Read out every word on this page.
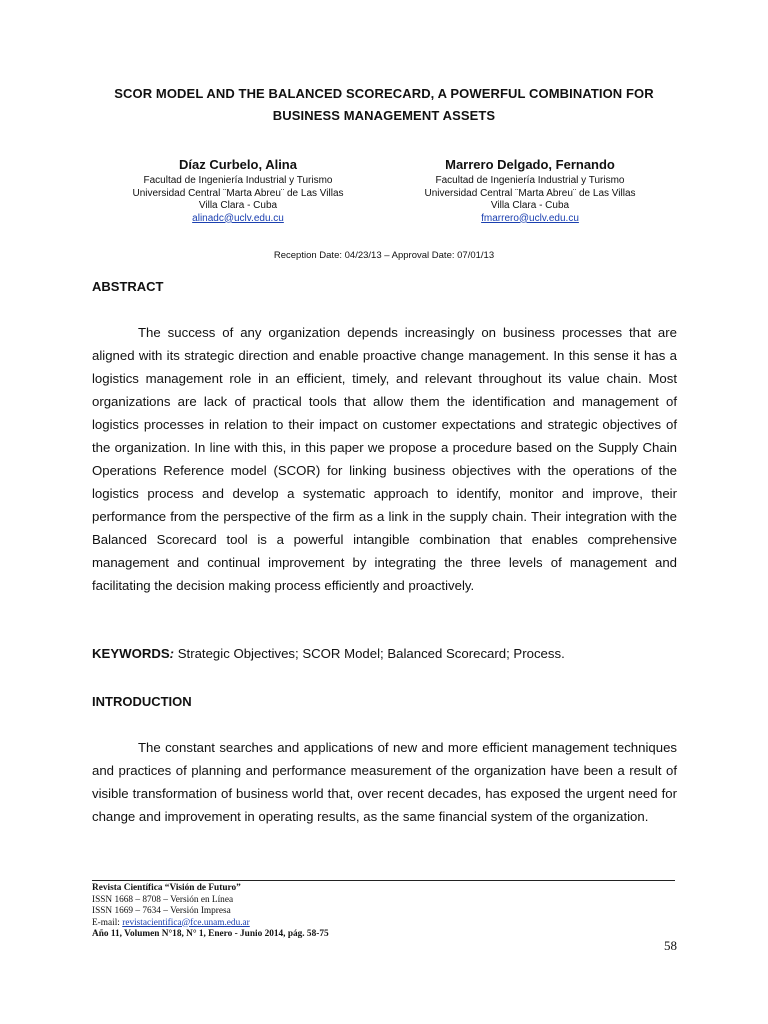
SCOR MODEL AND THE BALANCED SCORECARD, A POWERFUL COMBINATION FOR
BUSINESS MANAGEMENT ASSETS
Díaz Curbelo, Alina
Facultad de Ingeniería Industrial y Turismo
Universidad Central ¨Marta Abreu¨ de Las Villas
Villa Clara - Cuba
alinadc@uclv.edu.cu
Marrero Delgado, Fernando
Facultad de Ingeniería Industrial y Turismo
Universidad Central ¨Marta Abreu¨ de Las Villas
Villa Clara - Cuba
fmarrero@uclv.edu.cu
Reception Date: 04/23/13 – Approval Date: 07/01/13
ABSTRACT

The success of any organization depends increasingly on business processes that are aligned with its strategic direction and enable proactive change management. In this sense it has a logistics management role in an efficient, timely, and relevant throughout its value chain. Most organizations are lack of practical tools that allow them the identification and management of logistics processes in relation to their impact on customer expectations and strategic objectives of the organization. In line with this, in this paper we propose a procedure based on the Supply Chain Operations Reference model (SCOR) for linking business objectives with the operations of the logistics process and develop a systematic approach to identify, monitor and improve, their performance from the perspective of the firm as a link in the supply chain. Their integration with the Balanced Scorecard tool is a powerful intangible combination that enables comprehensive management and continual improvement by integrating the three levels of management and facilitating the decision making process efficiently and proactively.

KEYWORDS: Strategic Objectives; SCOR Model; Balanced Scorecard; Process.
INTRODUCTION

The constant searches and applications of new and more efficient management techniques and practices of planning and performance measurement of the organization have been a result of visible transformation of business world that, over recent decades, has exposed the urgent need for change and improvement in operating results, as the same financial system of the organization.

Revista Científica “Visión de Futuro”
ISSN 1668 – 8708 – Versión en Línea
ISSN 1669 – 7634 – Versión Impresa
E-mail: revistacientifica@fce.unam.edu.ar
Año 11, Volumen N°18, N° 1, Enero - Junio 2014, pág. 58-75
58
